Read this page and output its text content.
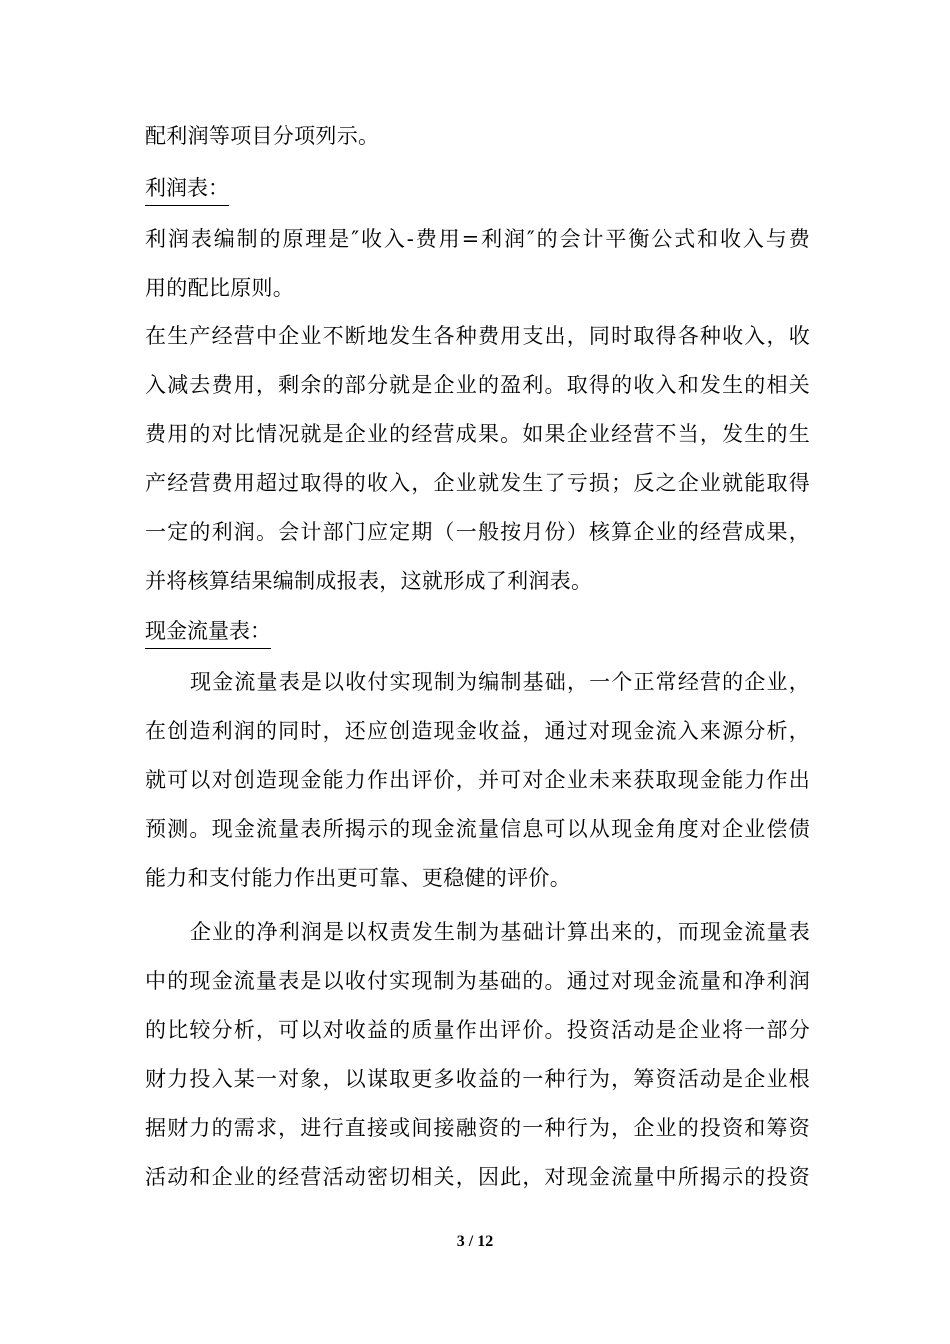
配利润等项目分项列示。
利润表：
利润表编制的原理是″收入-费用=利润″的会计平衡公式和收入与费
用的配比原则。
在生产经营中企业不断地发生各种费用支出，同时取得各种收入，收
入减去费用，剩余的部分就是企业的盈利。取得的收入和发生的相关
费用的对比情况就是企业的经营成果。如果企业经营不当，发生的生
产经营费用超过取得的收入，企业就发生了亏损；反之企业就能取得
一定的利润。会计部门应定期（一般按月份）核算企业的经营成果，
并将核算结果编制成报表，这就形成了利润表。
现金流量表：
现金流量表是以收付实现制为编制基础，一个正常经营的企业，
在创造利润的同时，还应创造现金收益，通过对现金流入来源分析，
就可以对创造现金能力作出评价，并可对企业未来获取现金能力作出
预测。现金流量表所揭示的现金流量信息可以从现金角度对企业偿债
能力和支付能力作出更可靠、更稳健的评价。
企业的净利润是以权责发生制为基础计算出来的，而现金流量表
中的现金流量表是以收付实现制为基础的。通过对现金流量和净利润
的比较分析，可以对收益的质量作出评价。投资活动是企业将一部分
财力投入某一对象，以谋取更多收益的一种行为，筹资活动是企业根
据财力的需求，进行直接或间接融资的一种行为，企业的投资和筹资
活动和企业的经营活动密切相关，因此，对现金流量中所揭示的投资
3 / 12
